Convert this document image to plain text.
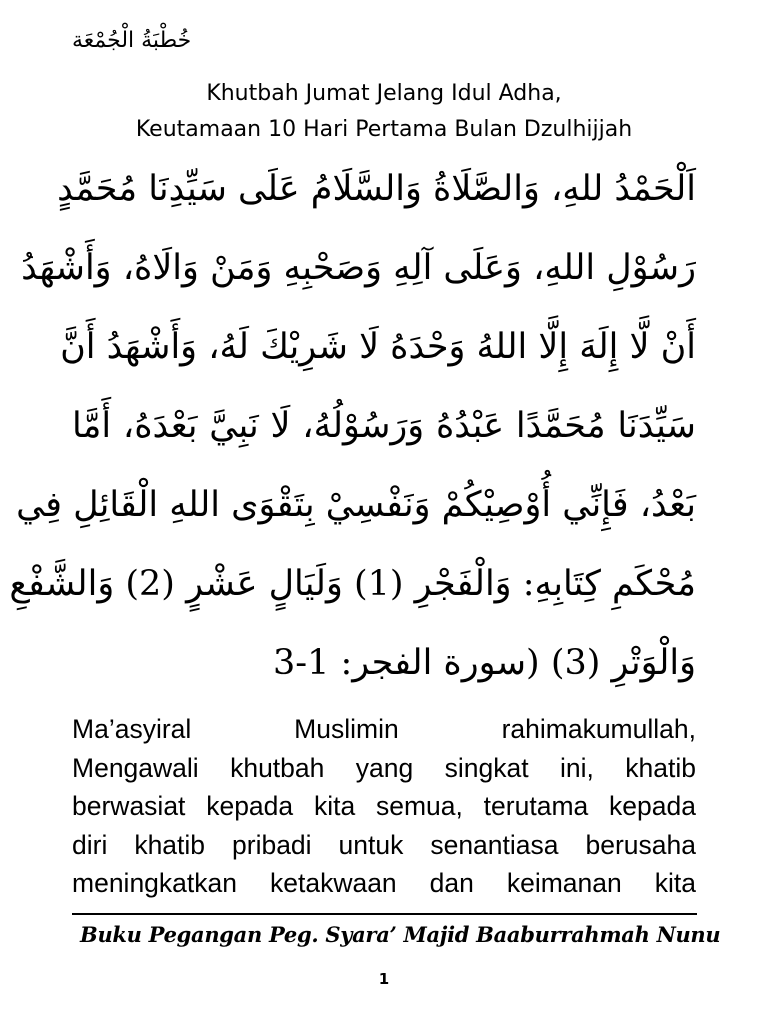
خُطْبَةُ الْجُمْعَة
Khutbah Jumat Jelang Idul Adha,
Keutamaan 10 Hari Pertama Bulan Dzulhijjah
اَلْحَمْدُ للهِ، وَالصَّلَاةُ وَالسَّلَامُ عَلَى سَيِّدِنَا مُحَمَّدٍ
رَسُوْلِ اللهِ، وَعَلَى آلِهِ وَصَحْبِهِ وَمَنْ وَالَاهُ، وَأَشْهَدُ
أَنْ لَّا إِلَهَ إِلَّا اللهُ وَحْدَهُ لَا شَرِيْكَ لَهُ، وَأَشْهَدُ أَنَّ
سَيِّدَنَا مُحَمَّدًا عَبْدُهُ وَرَسُوْلُهُ، لَا نَبِيَّ بَعْدَهُ، أَمَّا
بَعْدُ، فَإِنِّي أُوْصِيْكُمْ وَنَفْسِيْ بِتَقْوَى اللهِ الْقَائِلِ فِي
مُحْكَمِ كِتَابِهِ: وَالْفَجْرِ (1) وَلَيَالٍ عَشْرٍ (2) وَالشَّفْعِ
وَالْوَتْرِ (3) (سورة الفجر: 1-3
Ma’asyiral Muslimin rahimakumullah,
Mengawali khutbah yang singkat ini, khatib
berwasiat kepada kita semua, terutama kepada
diri khatib pribadi untuk senantiasa berusaha
meningkatkan ketakwaan dan keimanan kita
Buku Pegangan Peg. Syara’ Majid Baaburrahmah Nunu
1
